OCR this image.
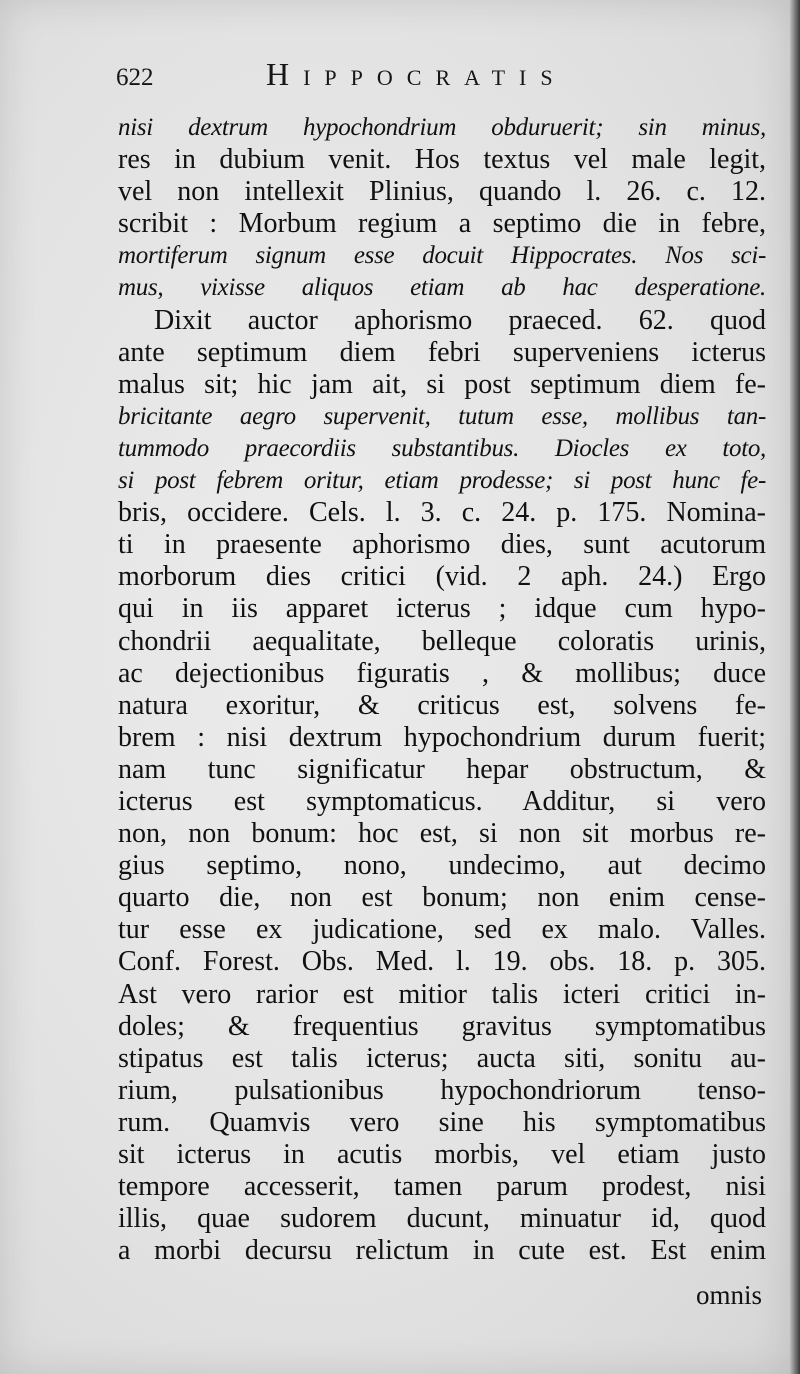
622	Hippocratis
nisi dextrum hypochondrium obduruerit; sin minus,
res in dubium venit. Hos textus vel male legit,
vel non intellexit Plinius, quando l. 26. c. 12.
scribit : Morbum regium a septimo die in febre,
mortiferum signum esse docuit Hippocrates. Nos sci-
mus, vixisse aliquos etiam ab hac desperatione.
Dixit auctor aphorismo praeced. 62. quod
ante septimum diem febri superveniens icterus
malus sit; hic jam ait, si post septimum diem fe-
bricitante aegro supervenit, tutum esse, mollibus tan-
tummodo praecordiis substantibus. Diocles ex toto,
si post febrem oritur, etiam prodesse; si post hunc fe-
bris, occidere. Cels. l. 3. c. 24. p. 175. Nomina-
ti in praesente aphorismo dies, sunt acutorum
morborum dies critici (vid. 2 aph. 24.) Ergo
qui in iis apparet icterus ; idque cum hypo-
chondrii aequalitate, belleque coloratis urinis,
ac dejectionibus figuratis , & mollibus; duce
natura exoritur, & criticus est, solvens fe-
brem : nisi dextrum hypochondrium durum fuerit;
nam tunc significatur hepar obstructum, &
icterus est symptomaticus. Additur, si vero
non, non bonum: hoc est, si non sit morbus re-
gius septimo, nono, undecimo, aut decimo
quarto die, non est bonum; non enim cense-
tur esse ex judicatione, sed ex malo. Valles.
Conf. Forest. Obs. Med. l. 19. obs. 18. p. 305.
Ast vero rarior est mitior talis icteri critici in-
doles; & frequentius gravitus symptomatibus
stipatus est talis icterus; aucta siti, sonitu au-
rium, pulsationibus hypochondriorum tenso-
rum. Quamvis vero sine his symptomatibus
sit icterus in acutis morbis, vel etiam justo
tempore accesserit, tamen parum prodest, nisi
illis, quae sudorem ducunt, minuatur id, quod
a morbi decursu relictum in cute est. Est enim
omnis
